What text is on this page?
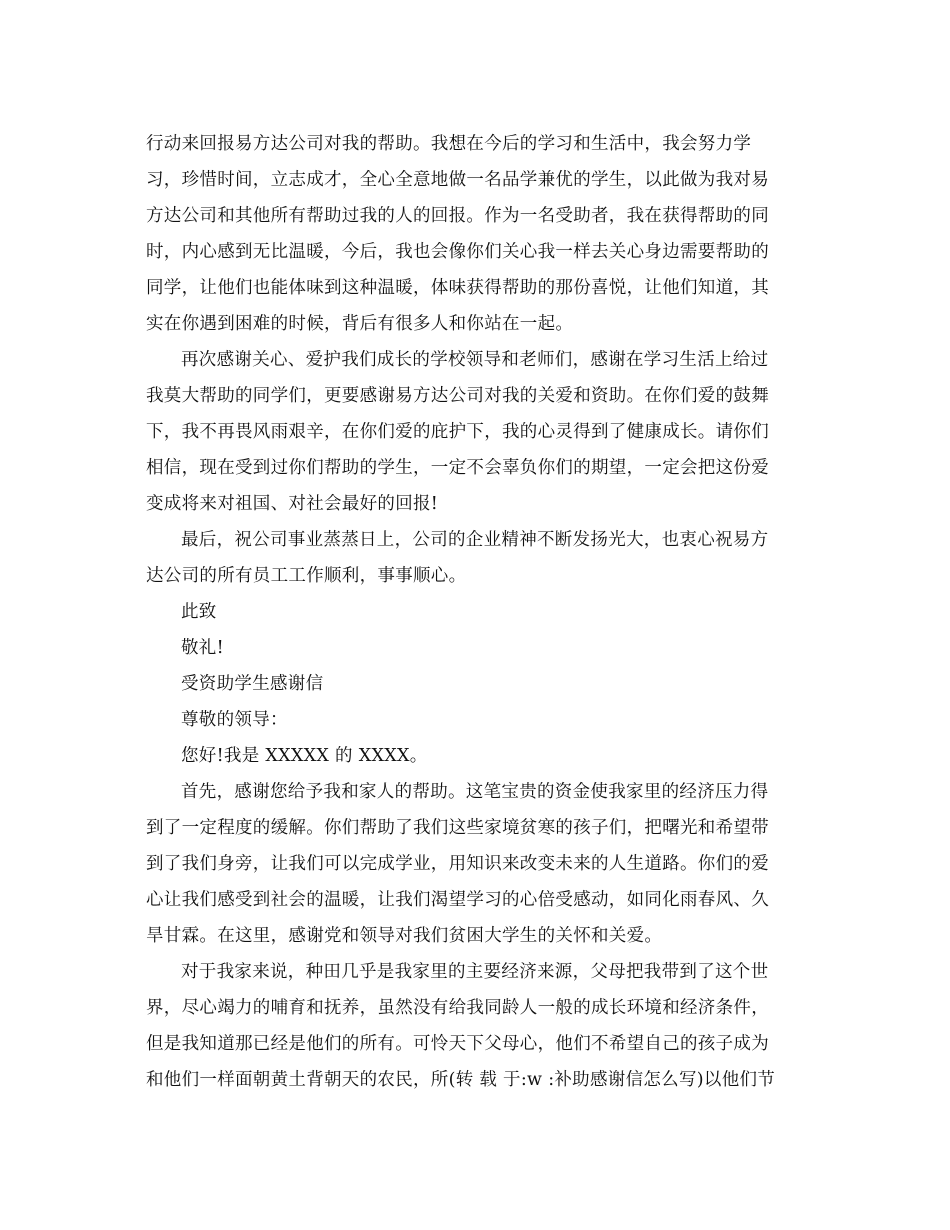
行动来回报易方达公司对我的帮助。我想在今后的学习和生活中，我会努力学
习，珍惜时间，立志成才，全心全意地做一名品学兼优的学生，以此做为我对易
方达公司和其他所有帮助过我的人的回报。作为一名受助者，我在获得帮助的同
时，内心感到无比温暖，今后，我也会像你们关心我一样去关心身边需要帮助的
同学，让他们也能体味到这种温暖，体味获得帮助的那份喜悦，让他们知道，其
实在你遇到困难的时候，背后有很多人和你站在一起。
再次感谢关心、爱护我们成长的学校领导和老师们，感谢在学习生活上给过
我莫大帮助的同学们，更要感谢易方达公司对我的关爱和资助。在你们爱的鼓舞
下，我不再畏风雨艰辛，在你们爱的庇护下，我的心灵得到了健康成长。请你们
相信，现在受到过你们帮助的学生，一定不会辜负你们的期望，一定会把这份爱
变成将来对祖国、对社会最好的回报!
最后，祝公司事业蒸蒸日上，公司的企业精神不断发扬光大，也衷心祝易方
达公司的所有员工工作顺利，事事顺心。
此致
敬礼!
受资助学生感谢信
尊敬的领导：
您好!我是 XXXXX 的 XXXX。
首先，感谢您给予我和家人的帮助。这笔宝贵的资金使我家里的经济压力得
到了一定程度的缓解。你们帮助了我们这些家境贫寒的孩子们，把曙光和希望带
到了我们身旁，让我们可以完成学业，用知识来改变未来的人生道路。你们的爱
心让我们感受到社会的温暖，让我们渴望学习的心倍受感动，如同化雨春风、久
旱甘霖。在这里，感谢党和领导对我们贫困大学生的关怀和关爱。
对于我家来说，种田几乎是我家里的主要经济来源，父母把我带到了这个世
界，尽心竭力的哺育和抚养，虽然没有给我同龄人一般的成长环境和经济条件，
但是我知道那已经是他们的所有。可怜天下父母心，他们不希望自己的孩子成为
和他们一样面朝黄土背朝天的农民，所(转 载 于:w :补助感谢信怎么写)以他们节
